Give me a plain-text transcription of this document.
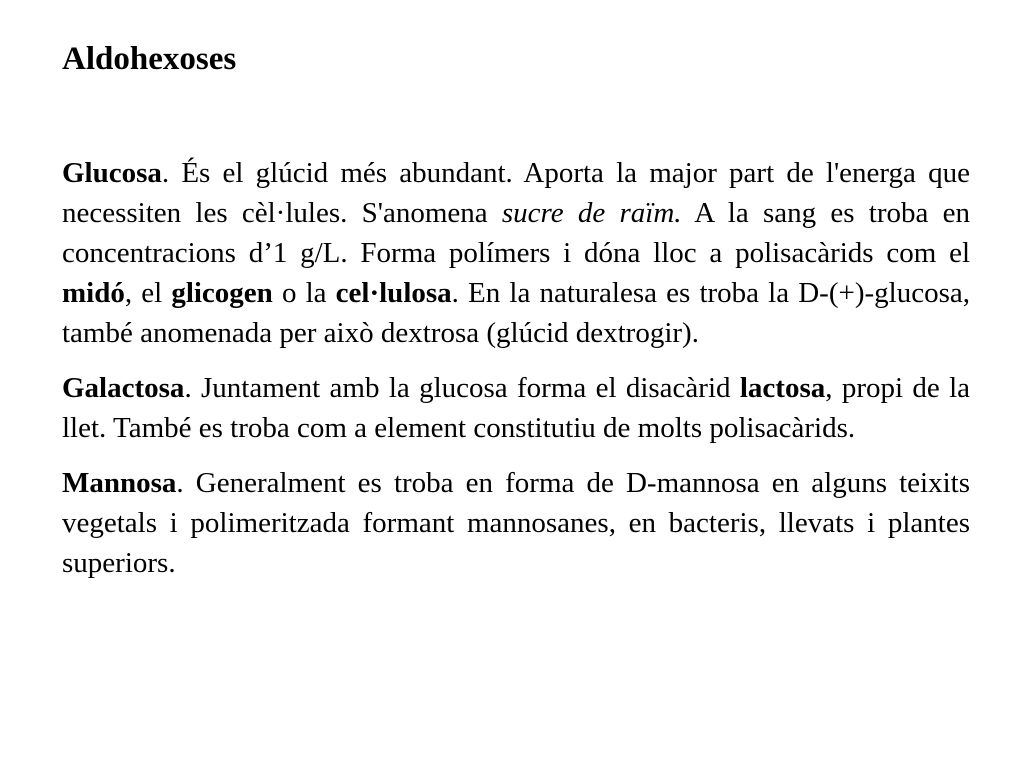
Aldohexoses

Glucosa. És el glúcid més abundant. Aporta la major part de l'energa que necessiten les cèl·lules. S'anomena sucre de raïm. A la sang es troba en concentracions d’1 g/L. Forma polímers i dóna lloc a polisacàrids com el midó, el glicogen o la cel·lulosa. En la naturalesa es troba la D-(+)-glucosa, també anomenada per això dextrosa (glúcid dextrogir).

Galactosa. Juntament amb la glucosa forma el disacàrid lactosa, propi de la llet. També es troba com a element constitutiu de molts polisacàrids.

Mannosa. Generalment es troba en forma de D-mannosa en alguns teixits vegetals i polimeritzada formant mannosanes, en bacteris, llevats i plantes superiors.
